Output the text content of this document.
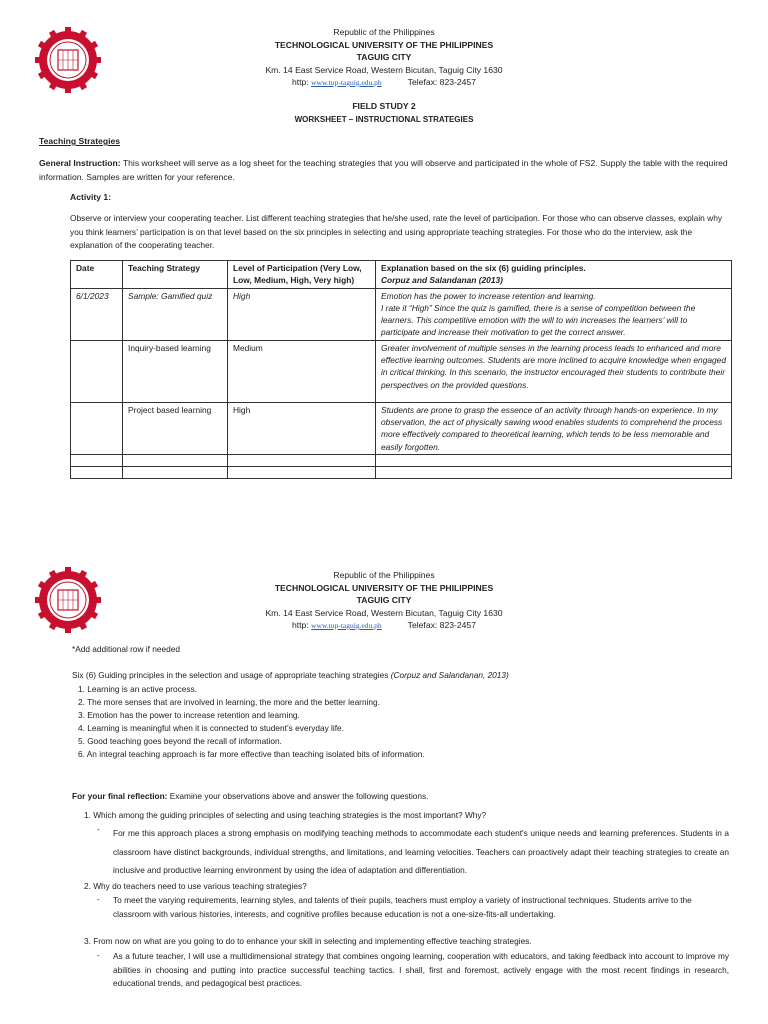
Republic of the Philippines
TECHNOLOGICAL UNIVERSITY OF THE PHILIPPINES
TAGUIG CITY
Km. 14 East Service Road, Western Bicutan, Taguig City 1630
http: www.tup-taguig.edu.ph	Telefax: 823-2457
FIELD STUDY 2
WORKSHEET – INSTRUCTIONAL STRATEGIES
Teaching Strategies

General Instruction: This worksheet will serve as a log sheet for the teaching strategies that you will observe and participated in the whole of FS2. Supply the table with the required information. Samples are written for your reference.

Activity 1:

Observe or interview your cooperating teacher. List different teaching strategies that he/she used, rate the level of participation. For those who can observe classes, explain why you think learners’ participation is on that level based on the six principles in selecting and using appropriate teaching strategies. For those who do the interview, ask the explanation of the cooperating teacher.

Date	Teaching Strategy	Level of Participation (Very Low, Low, Medium, High, Very high)	Explanation based on the six (6) guiding principles.
Corpuz and Salandanan (2013)
6/1/2023	Sample: Gamified quiz	High	Emotion has the power to increase retention and learning.
I rate it “High” Since the quiz is gamified, there is a sense of competition between the learners. This competitive emotion with the will to win increases the learners’ will to participate and increase their motivation to get the correct answer.

	Inquiry-based learning	Medium	Greater involvement of multiple senses in the learning process leads to enhanced and more effective learning outcomes. Students are more inclined to acquire knowledge when engaged in critical thinking. In this scenario, the instructor encouraged their students to contribute their perspectives on the provided questions.
	Project based learning	High	Students are prone to grasp the essence of an activity through hands-on experience. In my observation, the act of physically sawing wood enables students to comprehend the process more effectively compared to theoretical learning, which tends to be less memorable and easily forgotten.

Republic of the Philippines
TECHNOLOGICAL UNIVERSITY OF THE PHILIPPINES
TAGUIG CITY
Km. 14 East Service Road, Western Bicutan, Taguig City 1630
http: www.tup-taguig.edu.ph	Telefax: 823-2457
*Add additional row if needed
Six (6) Guiding principles in the selection and usage of appropriate teaching strategies (Corpuz and Salandanan, 2013)
1. Learning is an active process.
2. The more senses that are involved in learning, the more and the better learning.
3. Emotion has the power to increase retention and learning.
4. Learning is meaningful when it is connected to student’s everyday life.
5. Good teaching goes beyond the recall of information.
6. An integral teaching approach is far more effective than teaching isolated bits of information.
For your final reflection: Examine your observations above and answer the following questions.
1. Which among the guiding principles of selecting and using teaching strategies is the most important? Why?
- For me this approach places a strong emphasis on modifying teaching methods to accommodate each student's unique needs and learning preferences. Students in a classroom have distinct backgrounds, individual strengths, and limitations, and learning velocities. Teachers can proactively adapt their teaching strategies to create an inclusive and productive learning environment by using the idea of adaptation and differentiation.

2. Why do teachers need to use various teaching strategies?
- To meet the varying requirements, learning styles, and talents of their pupils, teachers must employ a variety of instructional techniques. Students arrive to the classroom with various histories, interests, and cognitive profiles because education is not a one-size-fits-all undertaking.

3. From now on what are you going to do to enhance your skill in selecting and implementing effective teaching strategies.
- As a future teacher, I will use a multidimensional strategy that combines ongoing learning, cooperation with educators, and taking feedback into account to improve my abilities in choosing and putting into practice successful teaching tactics. I shall, first and foremost, actively engage with the most recent findings in research, educational trends, and pedagogical best practices.
